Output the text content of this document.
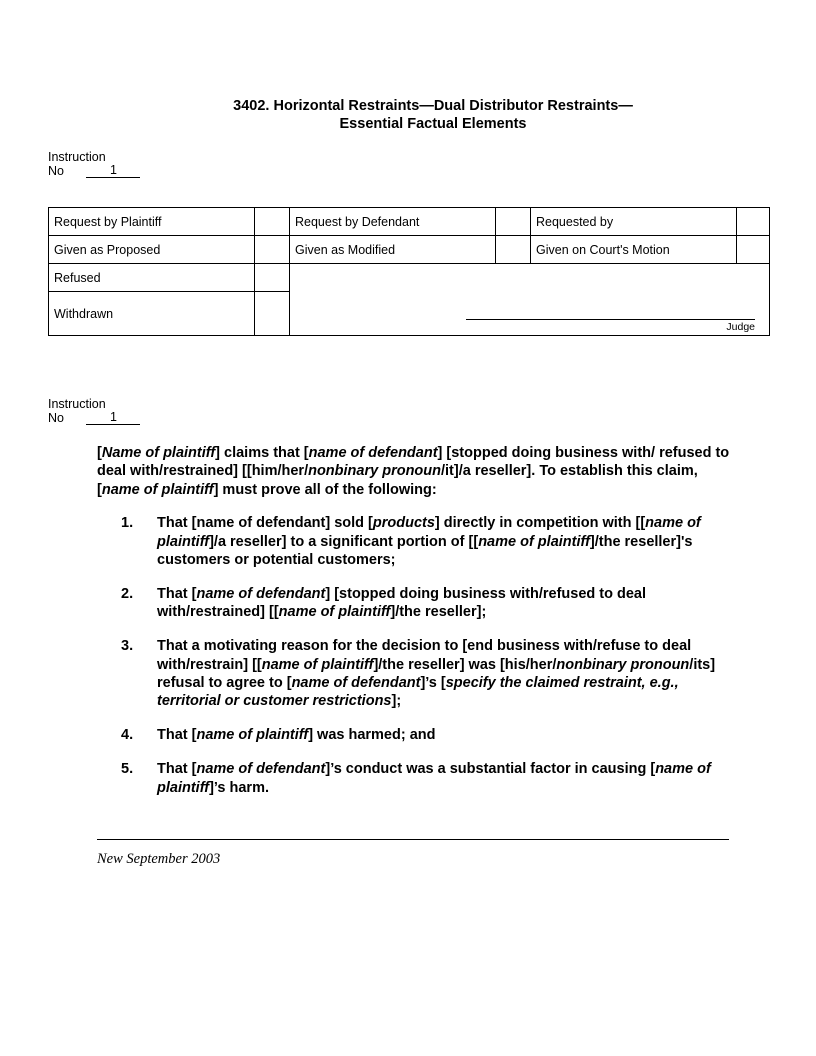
3402. Horizontal Restraints—Dual Distributor Restraints—
Essential Factual Elements
Instruction
No	1
Request by Plaintiff		Request by Defendant		Requested by	
Given as Proposed		Given as Modified		Given on Court's Motion	
Refused		Judge			

Withdrawn					
Instruction
No	1

[Name of plaintiff] claims that [name of defendant] [stopped doing business with/ refused to deal with/restrained] [[him/her/nonbinary pronoun/it]/a reseller]. To establish this claim, [name of plaintiff] must prove all of the following:

1.	That [name of defendant] sold [products] directly in competition with [[name of plaintiff]/a reseller] to a significant portion of [[name of plaintiff]/the reseller]'s customers or potential customers;
2.	That [name of defendant] [stopped doing business with/refused to deal with/restrained] [[name of plaintiff]/the reseller];
3.	That a motivating reason for the decision to [end business with/refuse to deal with/restrain] [[name of plaintiff]/the reseller] was [his/her/nonbinary pronoun/its] refusal to agree to [name of defendant]’s [specify the claimed restraint, e.g., territorial or customer restrictions];
4.	That [name of plaintiff] was harmed; and
5.	That [name of defendant]’s conduct was a substantial factor in causing [name of plaintiff]’s harm.
New September 2003
